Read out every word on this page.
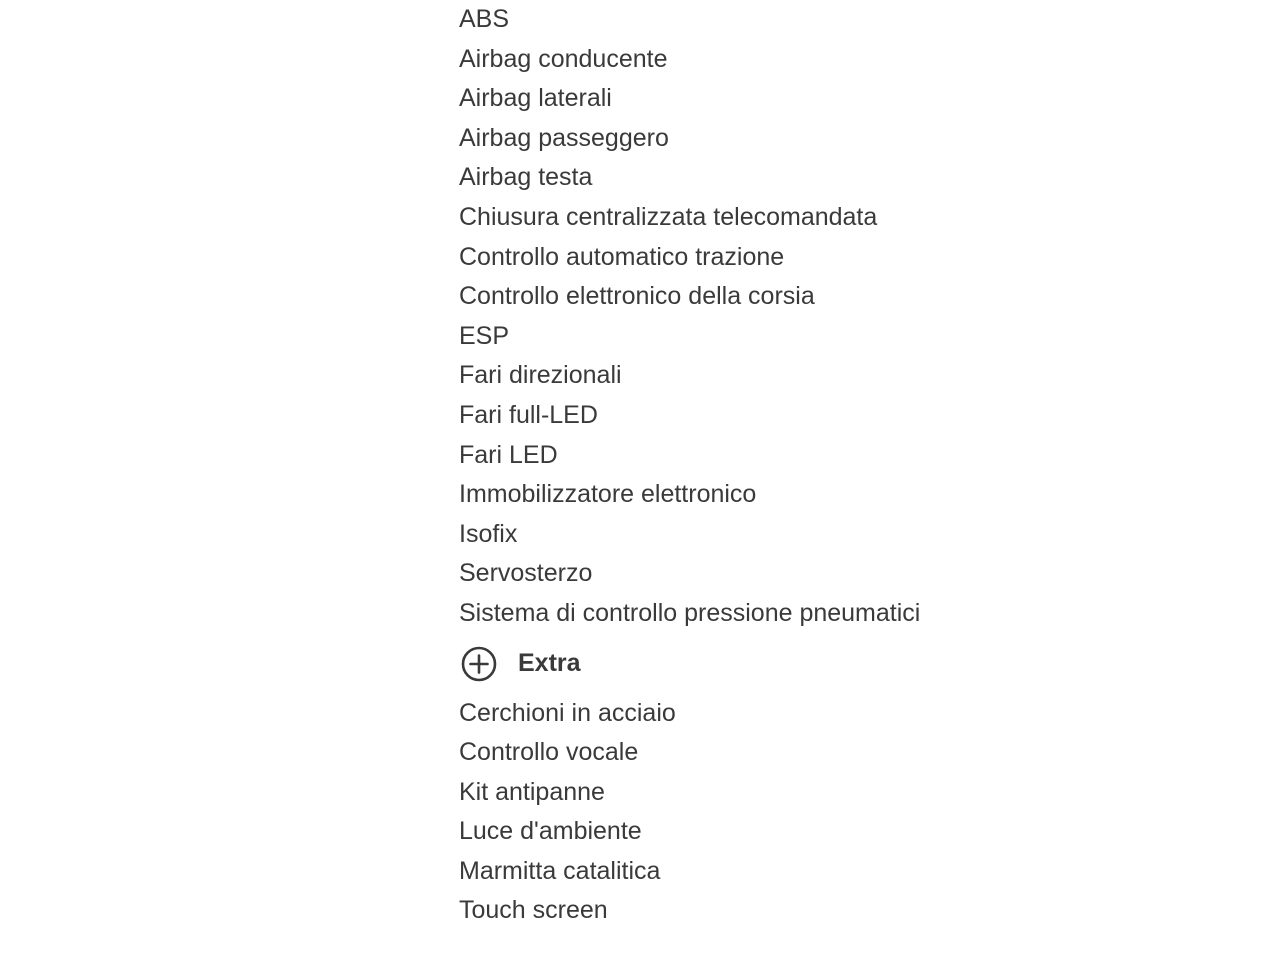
ABS
Airbag conducente
Airbag laterali
Airbag passeggero
Airbag testa
Chiusura centralizzata telecomandata
Controllo automatico trazione
Controllo elettronico della corsia
ESP
Fari direzionali
Fari full-LED
Fari LED
Immobilizzatore elettronico
Isofix
Servosterzo
Sistema di controllo pressione pneumatici
Extra
Cerchioni in acciaio
Controllo vocale
Kit antipanne
Luce d'ambiente
Marmitta catalitica
Touch screen
